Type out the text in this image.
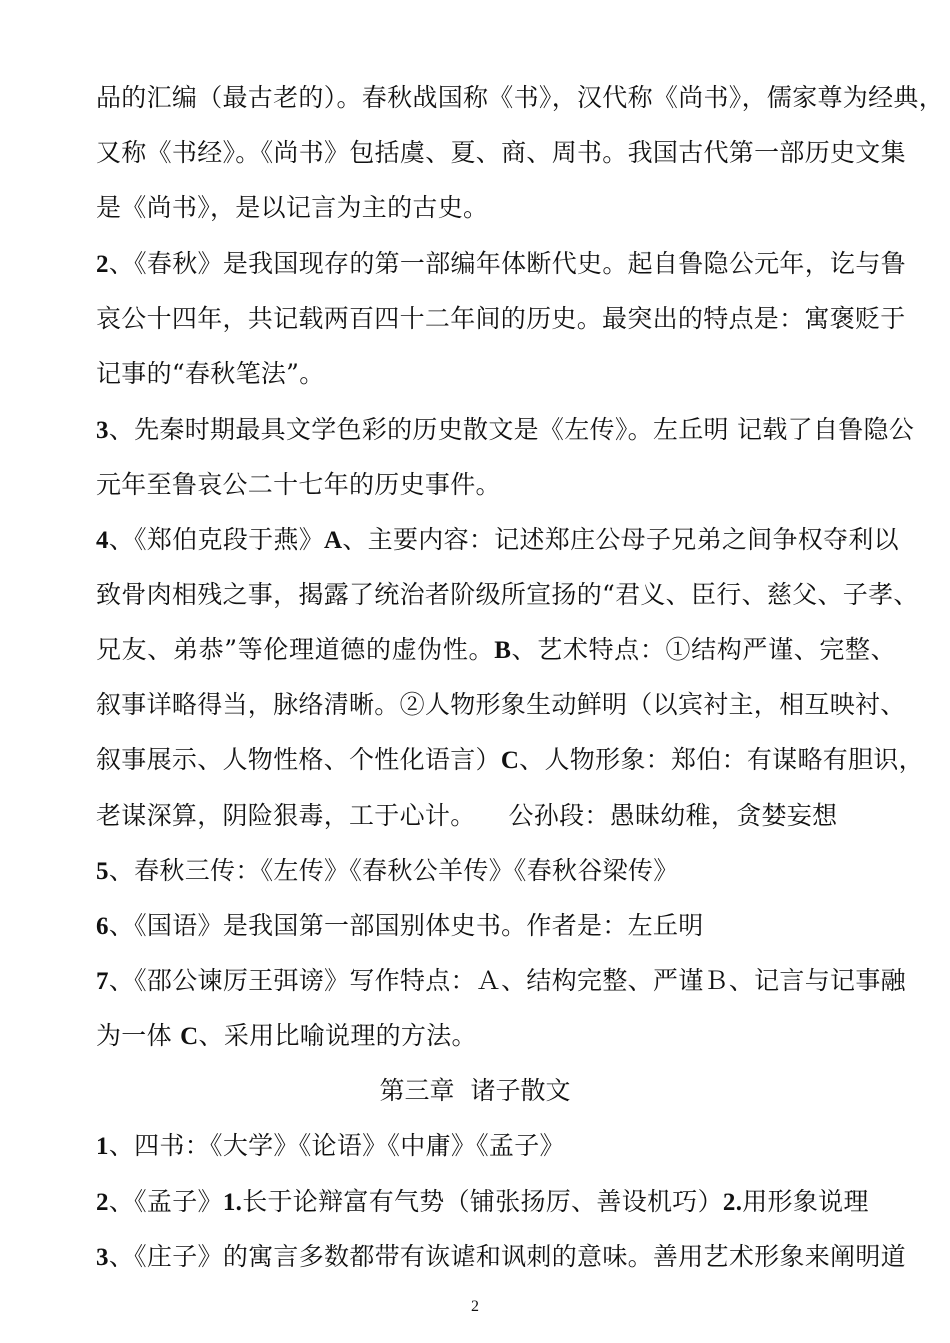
品的汇编（最古老的）。春秋战国称《书》，汉代称《尚书》，儒家尊为经典，
又称《书经》。《尚书》包括虞、夏、商、周书。我国古代第一部历史文集
是《尚书》，是以记言为主的古史。
2、《春秋》是我国现存的第一部编年体断代史。起自鲁隐公元年，讫与鲁
哀公十四年，共记载两百四十二年间的历史。最突出的特点是：寓褒贬于
记事的“春秋笔法”。
3、先秦时期最具文学色彩的历史散文是《左传》。左丘明 记载了自鲁隐公
元年至鲁哀公二十七年的历史事件。
4、《郑伯克段于燕》A、主要内容：记述郑庄公母子兄弟之间争权夺利以
致骨肉相残之事，揭露了统治者阶级所宣扬的“君义、臣行、慈父、子孝、
兄友、弟恭”等伦理道德的虚伪性。B、艺术特点：①结构严谨、完整、
叙事详略得当，脉络清晰。②人物形象生动鲜明（以宾衬主，相互映衬、
叙事展示、人物性格、个性化语言）C、人物形象：郑伯：有谋略有胆识，
老谋深算，阴险狠毒，工于心计。    公孙段：愚昧幼稚，贪婪妄想
5、春秋三传：《左传》《春秋公羊传》《春秋谷梁传》
6、《国语》是我国第一部国别体史书。作者是：左丘明
7、《邵公谏厉王弭谤》写作特点：Ａ、结构完整、严谨Ｂ、记言与记事融
为一体 C、采用比喻说理的方法。
第三章  诸子散文
1、四书：《大学》《论语》《中庸》《孟子》
2、《孟子》1.长于论辩富有气势（铺张扬厉、善设机巧）2.用形象说理
3、《庄子》的寓言多数都带有诙谑和讽刺的意味。善用艺术形象来阐明道
2
